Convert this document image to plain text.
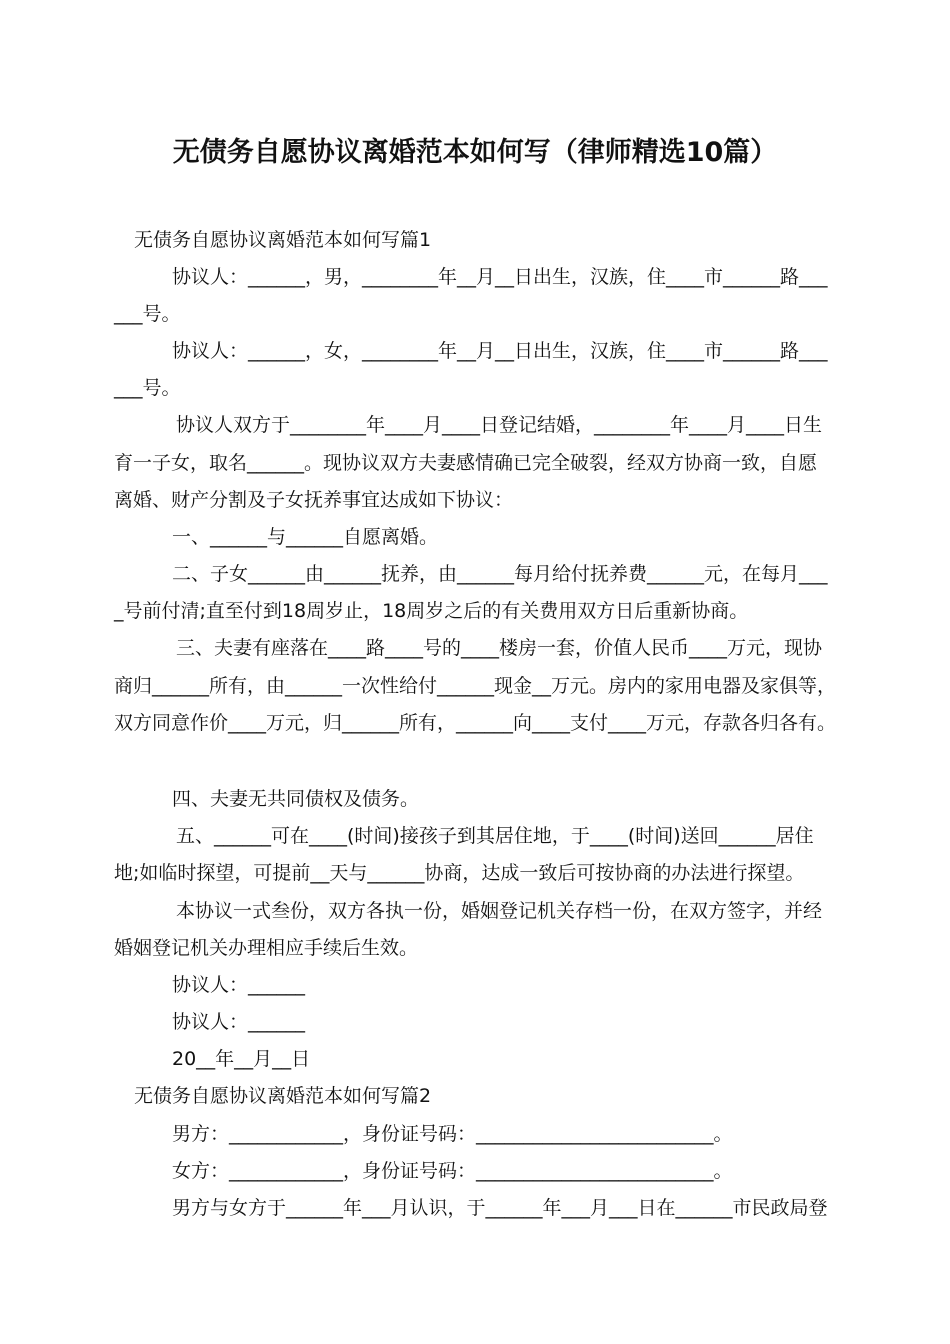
无债务自愿协议离婚范本如何写（律师精选10篇）
无债务自愿协议离婚范本如何写篇1
协议人：______，男，________年__月__日出生，汉族，住____市______路___
___号。
协议人：______，女，________年__月__日出生，汉族，住____市______路___
___号。
协议人双方于________年____月____日登记结婚，________年____月____日生
育一子女，取名______。现协议双方夫妻感情确已完全破裂，经双方协商一致，自愿
离婚、财产分割及子女抚养事宜达成如下协议：
一、______与______自愿离婚。
二、子女______由______抚养，由______每月给付抚养费______元，在每月___
_号前付清;直至付到18周岁止，18周岁之后的有关费用双方日后重新协商。
三、夫妻有座落在____路____号的____楼房一套，价值人民币____万元，现协
商归______所有，由______一次性给付______现金__万元。房内的家用电器及家俱等，
双方同意作价____万元，归______所有，______向____支付____万元，存款各归各有。
四、夫妻无共同债权及债务。
五、______可在____(时间)接孩子到其居住地，于____(时间)送回______居住
地;如临时探望，可提前__天与______协商，达成一致后可按协商的办法进行探望。
本协议一式叁份，双方各执一份，婚姻登记机关存档一份，在双方签字，并经
婚姻登记机关办理相应手续后生效。
协议人：______
协议人：______
20__年__月__日
无债务自愿协议离婚范本如何写篇2
男方：____________，身份证号码：_________________________。
女方：____________，身份证号码：_________________________。
男方与女方于______年___月认识，于______年___月___日在______市民政局登
